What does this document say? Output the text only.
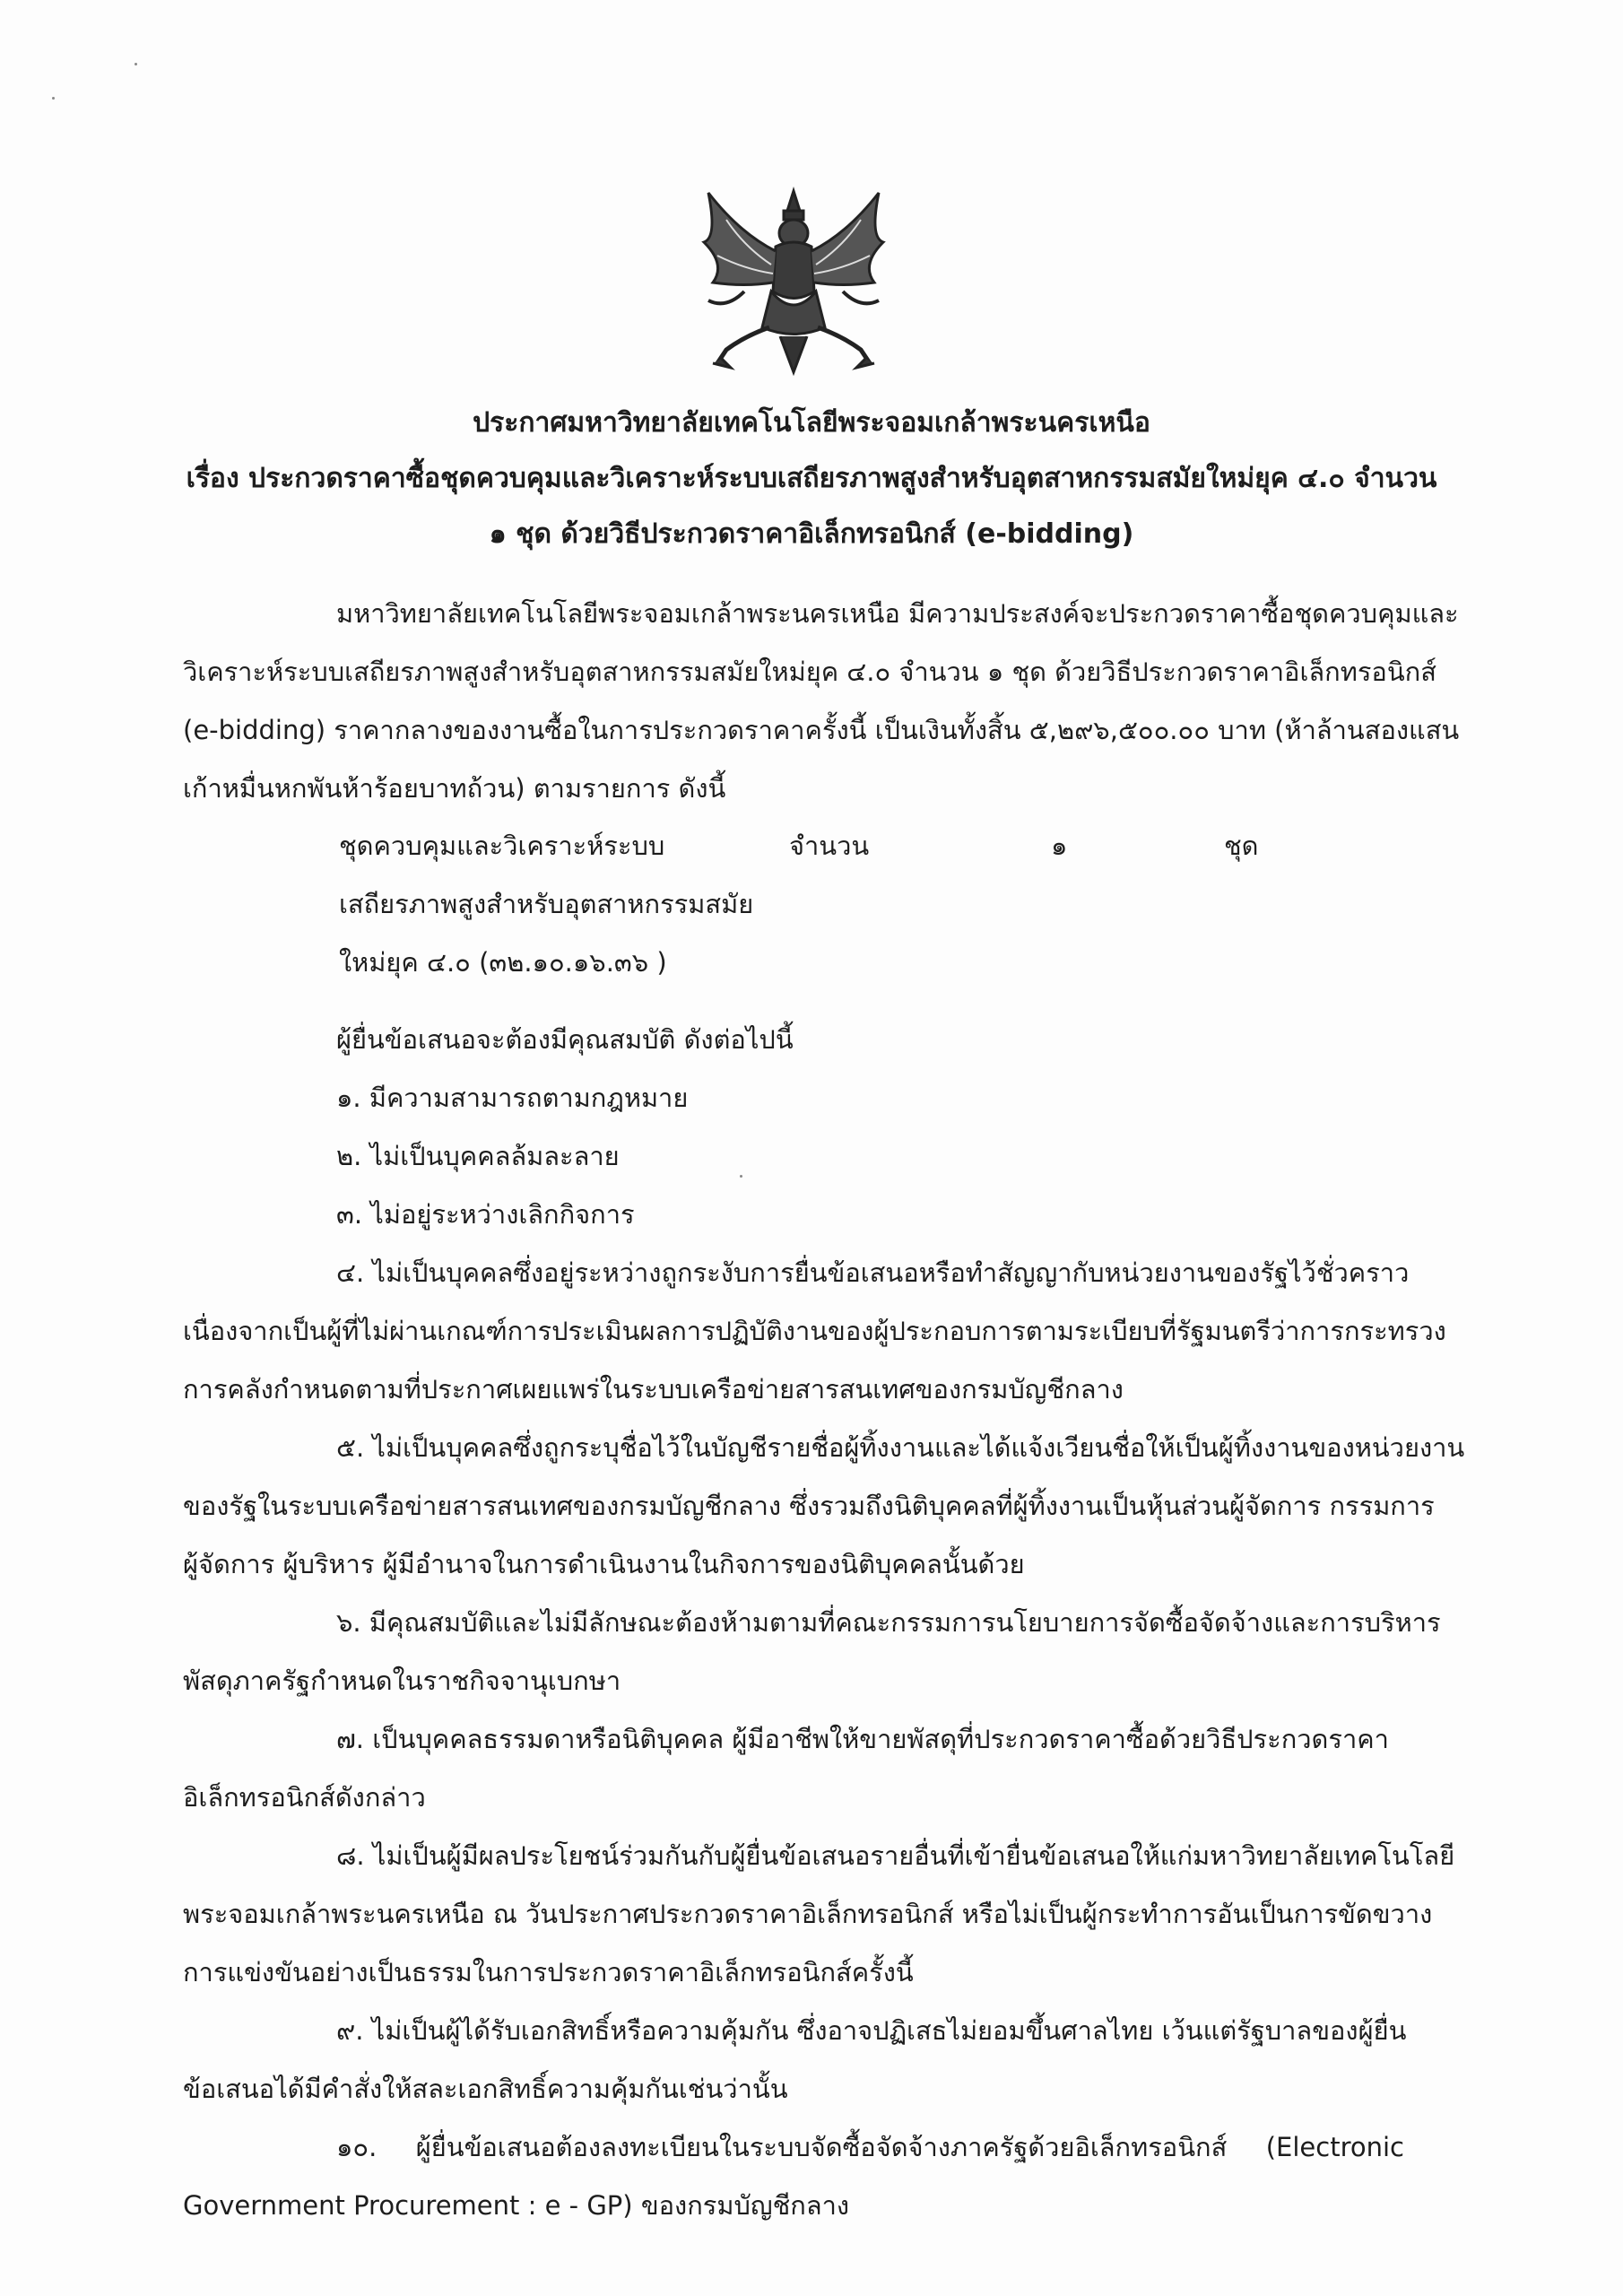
ประกาศมหาวิทยาลัยเทคโนโลยีพระจอมเกล้าพระนครเหนือ
เรื่อง ประกวดราคาซื้อชุดควบคุมและวิเคราะห์ระบบเสถียรภาพสูงสำหรับอุตสาหกรรมสมัยใหม่ยุค ๔.๐ จำนวน
๑ ชุด ด้วยวิธีประกวดราคาอิเล็กทรอนิกส์ (e-bidding)
มหาวิทยาลัยเทคโนโลยีพระจอมเกล้าพระนครเหนือ มีความประสงค์จะประกวดราคาซื้อชุดควบคุมและ
วิเคราะห์ระบบเสถียรภาพสูงสำหรับอุตสาหกรรมสมัยใหม่ยุค ๔.๐ จำนวน ๑ ชุด ด้วยวิธีประกวดราคาอิเล็กทรอนิกส์
(e-bidding) ราคากลางของงานซื้อในการประกวดราคาครั้งนี้ เป็นเงินทั้งสิ้น ๕,๒๙๖,๕๐๐.๐๐ บาท (ห้าล้านสองแสน
เก้าหมื่นหกพันห้าร้อยบาทถ้วน) ตามรายการ ดังนี้
ชุดควบคุมและวิเคราะห์ระบบ
เสถียรภาพสูงสำหรับอุตสาหกรรมสมัย
ใหม่ยุค ๔.๐ (๓๒.๑๐.๑๖.๓๖ )
จำนวน	๑	ชุด
ผู้ยื่นข้อเสนอจะต้องมีคุณสมบัติ ดังต่อไปนี้
๑. มีความสามารถตามกฎหมาย
๒. ไม่เป็นบุคคลล้มละลาย
๓. ไม่อยู่ระหว่างเลิกกิจการ
๔. ไม่เป็นบุคคลซึ่งอยู่ระหว่างถูกระงับการยื่นข้อเสนอหรือทำสัญญากับหน่วยงานของรัฐไว้ชั่วคราว
เนื่องจากเป็นผู้ที่ไม่ผ่านเกณฑ์การประเมินผลการปฏิบัติงานของผู้ประกอบการตามระเบียบที่รัฐมนตรีว่าการกระทรวง
การคลังกำหนดตามที่ประกาศเผยแพร่ในระบบเครือข่ายสารสนเทศของกรมบัญชีกลาง
๕. ไม่เป็นบุคคลซึ่งถูกระบุชื่อไว้ในบัญชีรายชื่อผู้ทิ้งงานและได้แจ้งเวียนชื่อให้เป็นผู้ทิ้งงานของหน่วยงาน
ของรัฐในระบบเครือข่ายสารสนเทศของกรมบัญชีกลาง ซึ่งรวมถึงนิติบุคคลที่ผู้ทิ้งงานเป็นหุ้นส่วนผู้จัดการ กรรมการ
ผู้จัดการ ผู้บริหาร ผู้มีอำนาจในการดำเนินงานในกิจการของนิติบุคคลนั้นด้วย
๖. มีคุณสมบัติและไม่มีลักษณะต้องห้ามตามที่คณะกรรมการนโยบายการจัดซื้อจัดจ้างและการบริหาร
พัสดุภาครัฐกำหนดในราชกิจจานุเบกษา
๗. เป็นบุคคลธรรมดาหรือนิติบุคคล ผู้มีอาชีพให้ขายพัสดุที่ประกวดราคาซื้อด้วยวิธีประกวดราคา
อิเล็กทรอนิกส์ดังกล่าว
๘. ไม่เป็นผู้มีผลประโยชน์ร่วมกันกับผู้ยื่นข้อเสนอรายอื่นที่เข้ายื่นข้อเสนอให้แก่มหาวิทยาลัยเทคโนโลยี
พระจอมเกล้าพระนครเหนือ ณ วันประกาศประกวดราคาอิเล็กทรอนิกส์ หรือไม่เป็นผู้กระทำการอันเป็นการขัดขวาง
การแข่งขันอย่างเป็นธรรมในการประกวดราคาอิเล็กทรอนิกส์ครั้งนี้
๙. ไม่เป็นผู้ได้รับเอกสิทธิ์หรือความคุ้มกัน ซึ่งอาจปฏิเสธไม่ยอมขึ้นศาลไทย เว้นแต่รัฐบาลของผู้ยื่น
ข้อเสนอได้มีคำสั่งให้สละเอกสิทธิ์ความคุ้มกันเช่นว่านั้น
๑๐. ผู้ยื่นข้อเสนอต้องลงทะเบียนในระบบจัดซื้อจัดจ้างภาครัฐด้วยอิเล็กทรอนิกส์ (Electronic
Government Procurement : e - GP) ของกรมบัญชีกลาง
